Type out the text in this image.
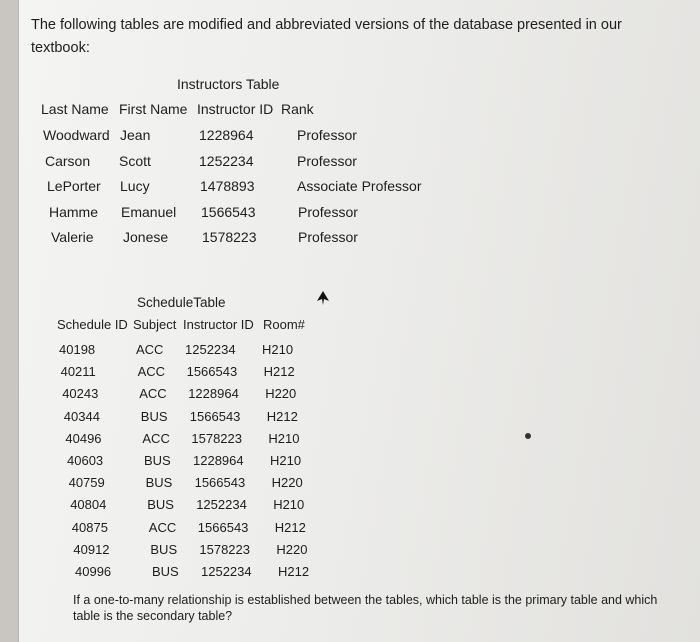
The following tables are modified and abbreviated versions of the database presented in our textbook:
Instructors Table
Last Name First Name Instructor ID Rank
Woodward Jean	1228964	Professor
Carson Scott	1252234	Professor
LePorter Lucy	1478893	Associate Professor
Hamme Emanuel 1566543	Professor
Valerie Jonese 1578223	Professor
ScheduleTable
Schedule ID Subject Instructor ID Room#
40198	ACC 1252234 H210
40211	ACC 1566543 H212
40243	ACC 1228964 H220
40344	BUS 1566543 H212
40496	ACC 1578223 H210
40603	BUS 1228964 H210
40759	BUS 1566543 H220
40804	BUS 1252234 H210
40875	ACC 1566543 H212
40912	BUS 1578223 H220
40996	BUS 1252234 H212
If a one-to-many relationship is established between the tables, which table is the primary table and which table is the secondary table?
